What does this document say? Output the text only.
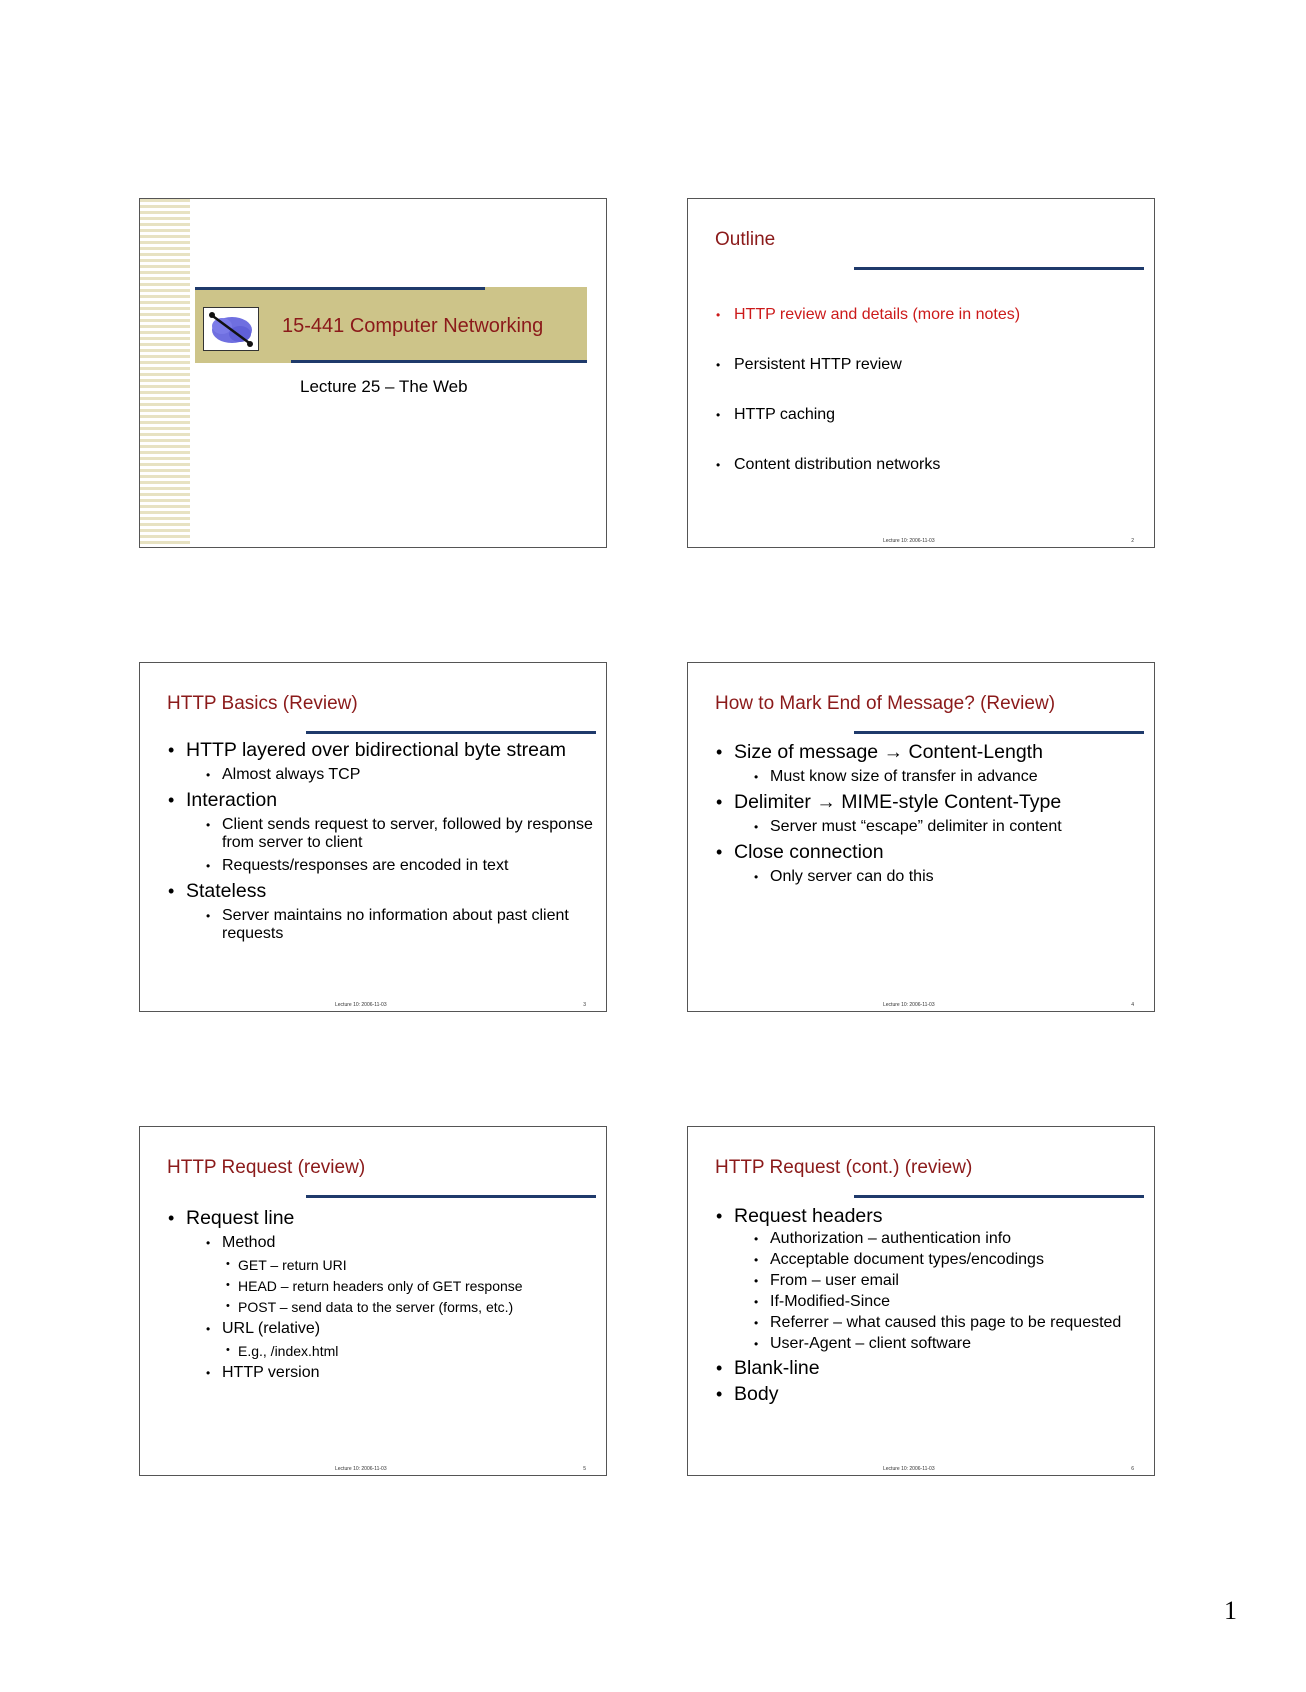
15-441 Computer Networking
Lecture 25 – The Web
Outline
• HTTP review and details (more in notes)
• Persistent HTTP review
• HTTP caching
• Content distribution networks
Lecture 10: 2006-11-03	2
HTTP Basics (Review)
• HTTP layered over bidirectional byte stream
• Almost always TCP
• Interaction
• Client sends request to server, followed by response from server to client
• Requests/responses are encoded in text
• Stateless
• Server maintains no information about past client requests
Lecture 10: 2006-11-03	3
How to Mark End of Message? (Review)
• Size of message → Content-Length
• Must know size of transfer in advance
• Delimiter → MIME-style Content-Type
• Server must “escape” delimiter in content
• Close connection
• Only server can do this
Lecture 10: 2006-11-03	4
HTTP Request (review)
• Request line
• Method
• GET – return URI
• HEAD – return headers only of GET response
• POST – send data to the server (forms, etc.)
• URL (relative)
• E.g., /index.html
• HTTP version
Lecture 10: 2006-11-03	5
HTTP Request (cont.) (review)
• Request headers
• Authorization – authentication info
• Acceptable document types/encodings
• From – user email
• If-Modified-Since
• Referrer – what caused this page to be requested
• User-Agent – client software
• Blank-line
• Body
Lecture 10: 2006-11-03	6
1
